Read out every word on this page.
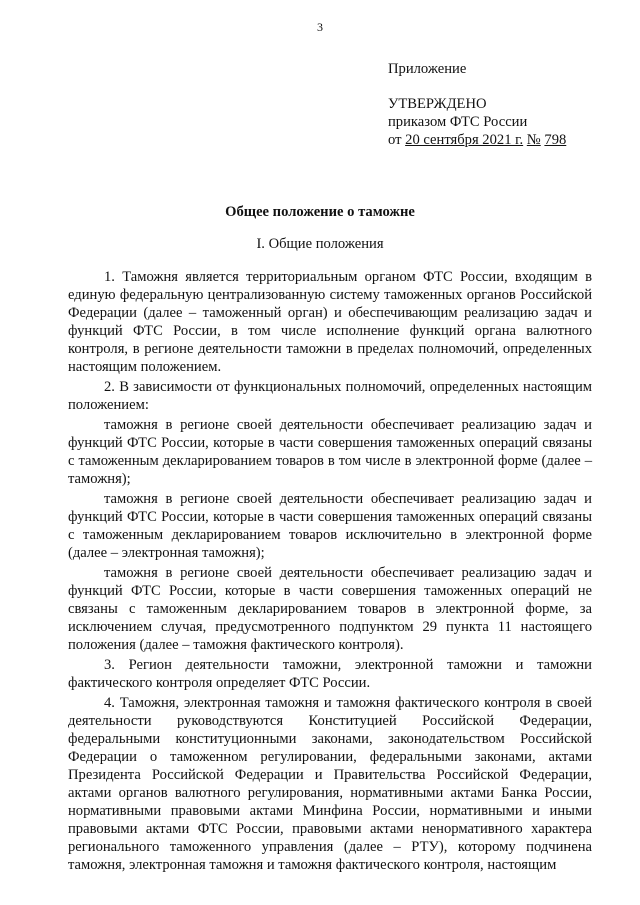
3
Приложение
УТВЕРЖДЕНО
приказом ФТС России
от 20 сентября 2021 г. № 798
Общее положение о таможне
I. Общие положения

1. Таможня является территориальным органом ФТС России, входящим в единую федеральную централизованную систему таможенных органов Российской Федерации (далее – таможенный орган) и обеспечивающим реализацию задач и функций ФТС России, в том числе исполнение функций органа валютного контроля, в регионе деятельности таможни в пределах полномочий, определенных настоящим положением.

2. В зависимости от функциональных полномочий, определенных настоящим положением:

таможня в регионе своей деятельности обеспечивает реализацию задач и функций ФТС России, которые в части совершения таможенных операций связаны с таможенным декларированием товаров в том числе в электронной форме (далее – таможня);

таможня в регионе своей деятельности обеспечивает реализацию задач и функций ФТС России, которые в части совершения таможенных операций связаны с таможенным декларированием товаров исключительно в электронной форме (далее – электронная таможня);

таможня в регионе своей деятельности обеспечивает реализацию задач и функций ФТС России, которые в части совершения таможенных операций не связаны с таможенным декларированием товаров в электронной форме, за исключением случая, предусмотренного подпунктом 29 пункта 11 настоящего положения (далее – таможня фактического контроля).

3. Регион деятельности таможни, электронной таможни и таможни фактического контроля определяет ФТС России.

4. Таможня, электронная таможня и таможня фактического контроля в своей деятельности руководствуются Конституцией Российской Федерации, федеральными конституционными законами, законодательством Российской Федерации о таможенном регулировании, федеральными законами, актами Президента Российской Федерации и Правительства Российской Федерации, актами органов валютного регулирования, нормативными актами Банка России, нормативными правовыми актами Минфина России, нормативными и иными правовыми актами ФТС России, правовыми актами ненормативного характера регионального таможенного управления (далее – РТУ), которому подчинена таможня, электронная таможня и таможня фактического контроля, настоящим
